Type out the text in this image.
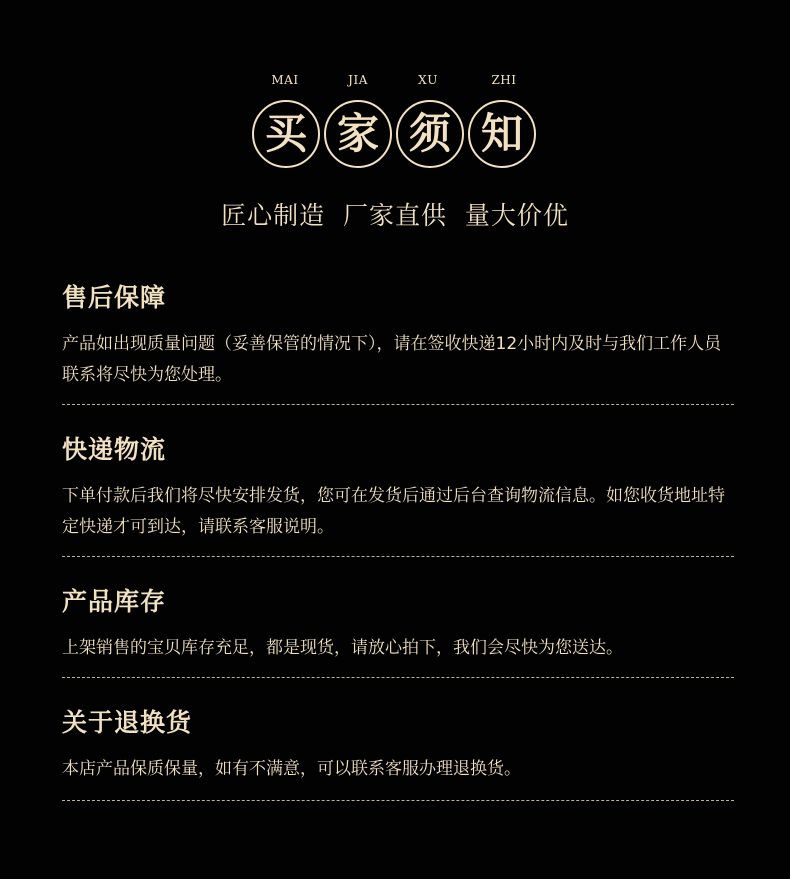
MAI	JIA	XU	ZHI
买 家 须 知
匠心制造  厂家直供  量大价优
售后保障

产品如出现质量问题（妥善保管的情况下），请在签收快递12小时内及时与我们工作人员联系将尽快为您处理。

快递物流

下单付款后我们将尽快安排发货，您可在发货后通过后台查询物流信息。如您收货地址特定快递才可到达，请联系客服说明。

产品库存

上架销售的宝贝库存充足，都是现货，请放心拍下，我们会尽快为您送达。

关于退换货

本店产品保质保量，如有不满意，可以联系客服办理退换货。
